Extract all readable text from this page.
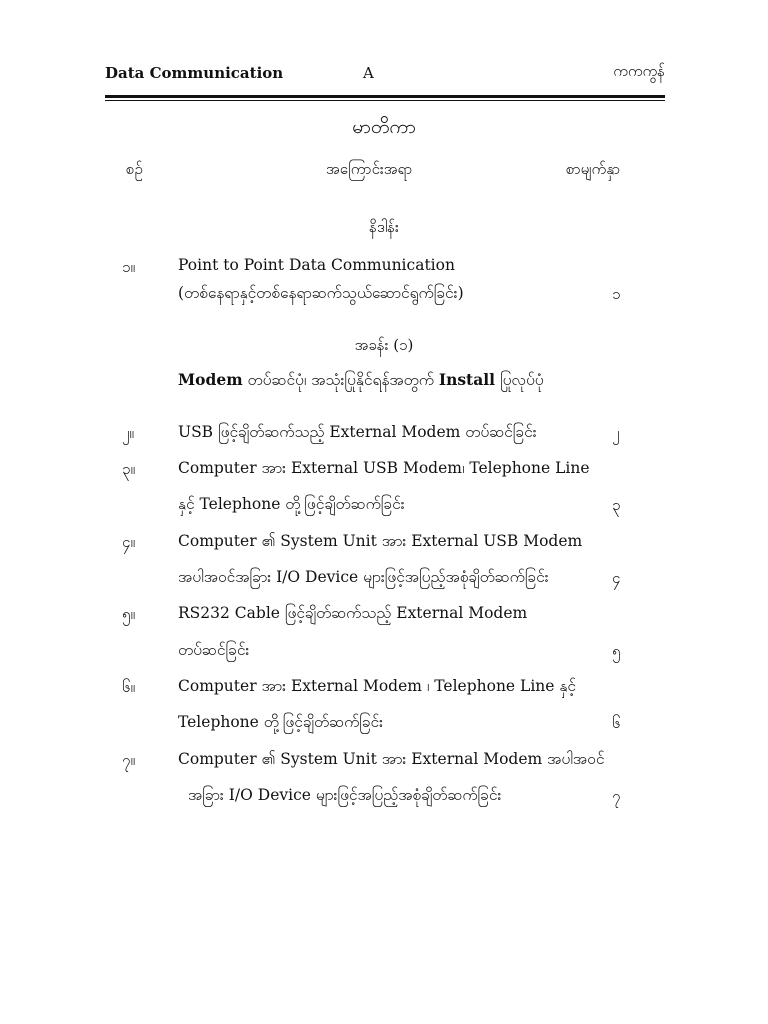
Data Communication	A	ကကကွန်
မာတိကာ
စဉ်	အကြောင်းအရာ	စာမျက်နှာ
နိဒါန်း
၁။	Point to Point Data Communication
(တစ်နေရာနှင့်တစ်နေရာဆက်သွယ်ဆောင်ရွက်ခြင်း)	၁
အခန်း (၁)
Modem တပ်ဆင်ပုံ၊ အသုံးပြုနိုင်ရန်အတွက် Install ပြုလုပ်ပုံ
၂။	USB ဖြင့်ချိတ်ဆက်သည့် External Modem တပ်ဆင်ခြင်း	၂
၃။	Computer အား External USB Modem၊ Telephone Line
နှင့် Telephone တို့ဖြင့်ချိတ်ဆက်ခြင်း	၃
၄။	Computer ၏ System Unit အား External USB Modem
အပါအဝင်အခြား I/O Device များဖြင့်အပြည့်အစုံချိတ်ဆက်ခြင်း	၄
၅။	RS232 Cable ဖြင့်ချိတ်ဆက်သည့် External Modem
တပ်ဆင်ခြင်း	၅
၆။	Computer အား External Modem ၊ Telephone Line နှင့်
Telephone တို့ဖြင့်ချိတ်ဆက်ခြင်း	၆
၇။	Computer ၏ System Unit အား External Modem အပါအဝင်
အခြား I/O Device များဖြင့်အပြည့်အစုံချိတ်ဆက်ခြင်း	၇
